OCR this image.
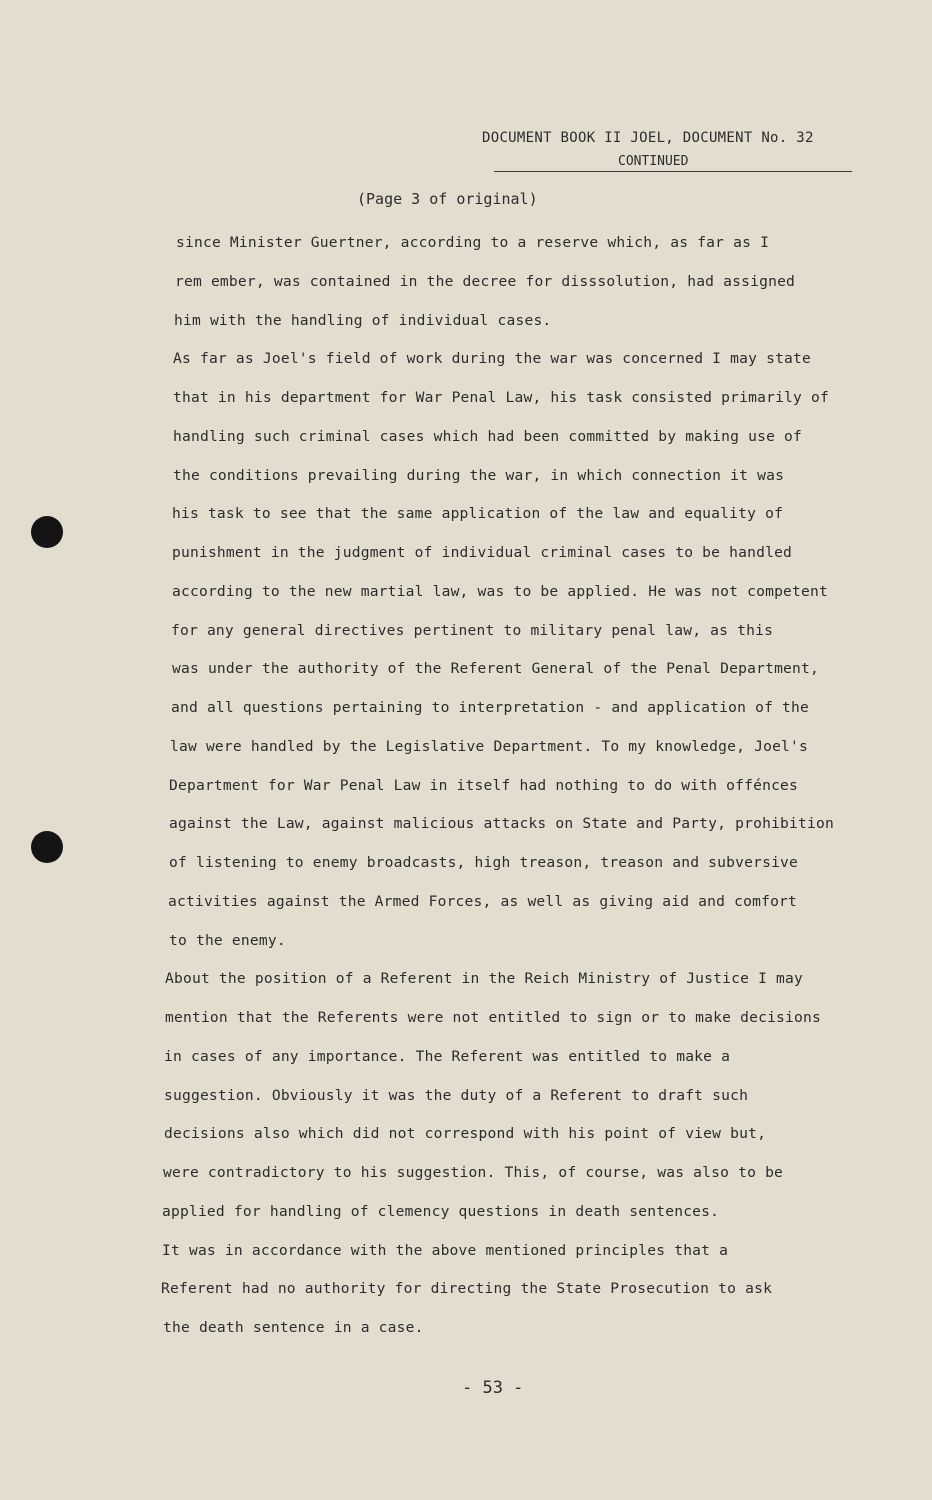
DOCUMENT BOOK II JOEL, DOCUMENT No. 32
CONTINUED
(Page 3 of original)
since Minister Guertner, according to a reserve which, as far as I
rem ember, was contained in the decree for disssolution, had assigned
him with the handling of individual cases.
As far as Joel's field of work during the war was concerned I may state
that in his department for War Penal Law, his task consisted primarily of
handling such criminal cases which had been committed by making use of
the conditions prevailing during the war, in which connection it was
his task to see that the same application of the law and equality of
punishment in the judgment of individual criminal cases to be handled
according to the new martial law, was to be applied. He was not competent
for any general directives pertinent to military penal law, as this
was under the authority of the Referent General of the Penal Department,
and all questions pertaining to interpretation - and application of the
law were handled by the Legislative Department. To my knowledge, Joel's
Department for War Penal Law in itself had nothing to do with offénces
against the Law, against malicious attacks on State and Party, prohibition
of listening to enemy broadcasts, high treason, treason and subversive
activities against the Armed Forces, as well as giving aid and comfort
to the enemy.
About the position of a Referent in the Reich Ministry of Justice I may
mention that the Referents were not entitled to sign or to make decisions
in cases of any importance. The Referent was entitled to make a
suggestion. Obviously it was the duty of a Referent to draft such
decisions also which did not correspond with his point of view but,
were contradictory to his suggestion. This, of course, was also to be
applied for handling of clemency questions in death sentences.
It was in accordance with the above mentioned principles that a
Referent had no authority for directing the State Prosecution to ask
the death sentence in a case.
- 53 -
